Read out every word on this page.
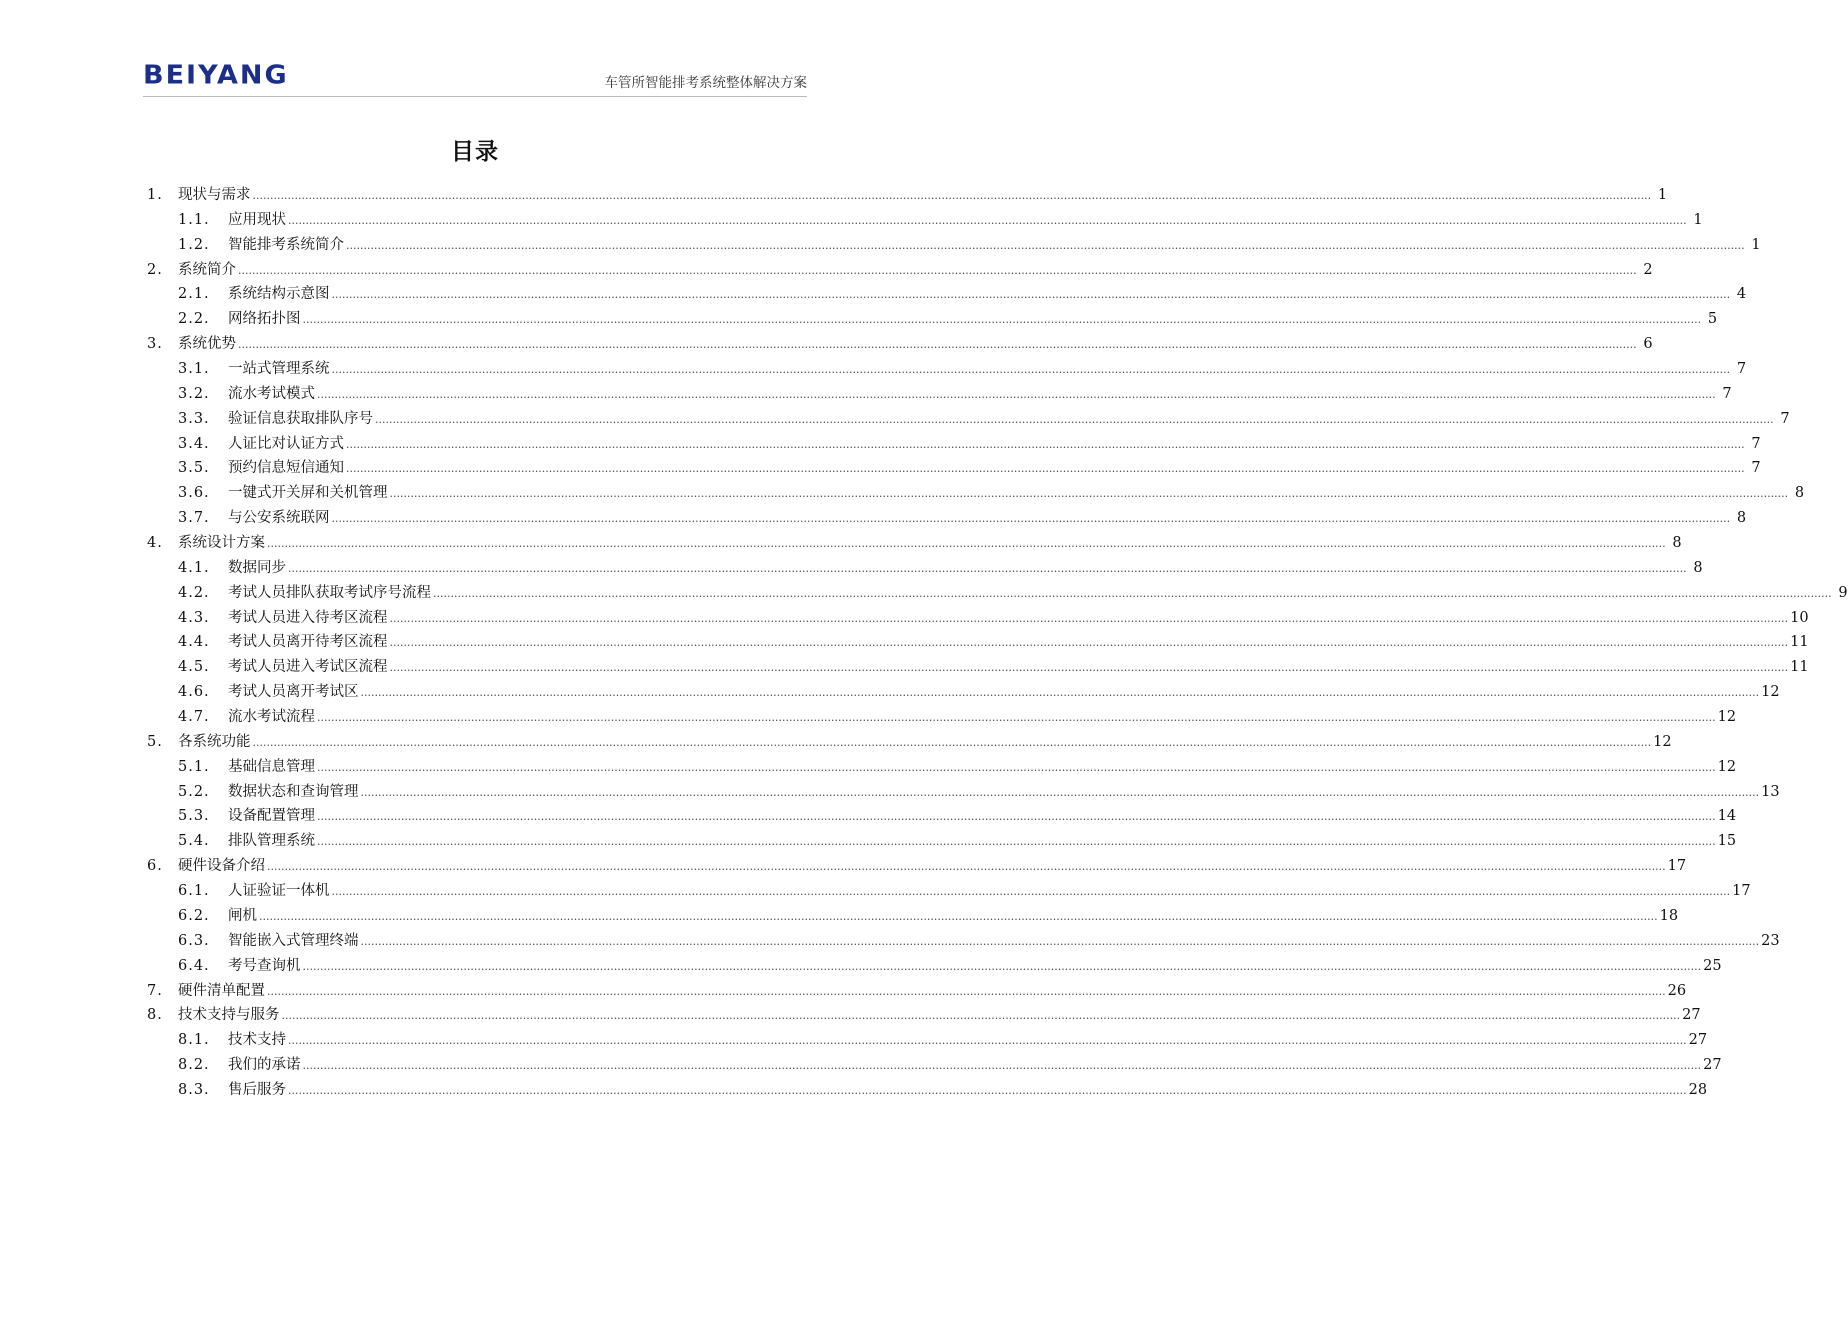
BEIYANG	车管所智能排考系统整体解决方案
目录
1.	现状与需求 ................................................................................................................................................................................................................................................................................................................................................................................................................ 1
1.1.	应用现状 ................................................................................................................................................................................................................................................................................................................................................................................................................ 1
1.2.	智能排考系统简介 ................................................................................................................................................................................................................................................................................................................................................................................................................ 1
2.	系统简介 ................................................................................................................................................................................................................................................................................................................................................................................................................ 2
2.1.	系统结构示意图 ................................................................................................................................................................................................................................................................................................................................................................................................................ 4
2.2.	网络拓扑图 ................................................................................................................................................................................................................................................................................................................................................................................................................ 5
3.	系统优势 ................................................................................................................................................................................................................................................................................................................................................................................................................ 6
3.1.	一站式管理系统 ................................................................................................................................................................................................................................................................................................................................................................................................................ 7
3.2.	流水考试模式 ................................................................................................................................................................................................................................................................................................................................................................................................................ 7
3.3.	验证信息获取排队序号 ................................................................................................................................................................................................................................................................................................................................................................................................................ 7
3.4.	人证比对认证方式 ................................................................................................................................................................................................................................................................................................................................................................................................................ 7
3.5.	预约信息短信通知 ................................................................................................................................................................................................................................................................................................................................................................................................................ 7
3.6.	一键式开关屏和关机管理 ................................................................................................................................................................................................................................................................................................................................................................................................................ 8
3.7.	与公安系统联网 ................................................................................................................................................................................................................................................................................................................................................................................................................ 8
4.	系统设计方案 ................................................................................................................................................................................................................................................................................................................................................................................................................ 8
4.1.	数据同步 ................................................................................................................................................................................................................................................................................................................................................................................................................ 8
4.2.	考试人员排队获取考试序号流程 ................................................................................................................................................................................................................................................................................................................................................................................................................ 9
4.3.	考试人员进入待考区流程 ................................................................................................................................................................................................................................................................................................................................................................................................................ 10
4.4.	考试人员离开待考区流程 ................................................................................................................................................................................................................................................................................................................................................................................................................ 11
4.5.	考试人员进入考试区流程 ................................................................................................................................................................................................................................................................................................................................................................................................................ 11
4.6.	考试人员离开考试区 ................................................................................................................................................................................................................................................................................................................................................................................................................ 12
4.7.	流水考试流程 ................................................................................................................................................................................................................................................................................................................................................................................................................ 12
5.	各系统功能 ................................................................................................................................................................................................................................................................................................................................................................................................................ 12
5.1.	基础信息管理 ................................................................................................................................................................................................................................................................................................................................................................................................................ 12
5.2.	数据状态和查询管理 ................................................................................................................................................................................................................................................................................................................................................................................................................ 13
5.3.	设备配置管理 ................................................................................................................................................................................................................................................................................................................................................................................................................ 14
5.4.	排队管理系统 ................................................................................................................................................................................................................................................................................................................................................................................................................ 15
6.	硬件设备介绍 ................................................................................................................................................................................................................................................................................................................................................................................................................ 17
6.1.	人证验证一体机 ................................................................................................................................................................................................................................................................................................................................................................................................................ 17
6.2.	闸机 ................................................................................................................................................................................................................................................................................................................................................................................................................ 18
6.3.	智能嵌入式管理终端 ................................................................................................................................................................................................................................................................................................................................................................................................................ 23
6.4.	考号查询机 ................................................................................................................................................................................................................................................................................................................................................................................................................ 25
7.	硬件清单配置 ................................................................................................................................................................................................................................................................................................................................................................................................................ 26
8.	技术支持与服务 ................................................................................................................................................................................................................................................................................................................................................................................................................ 27
8.1.	技术支持 ................................................................................................................................................................................................................................................................................................................................................................................................................ 27
8.2.	我们的承诺 ................................................................................................................................................................................................................................................................................................................................................................................................................ 27
8.3.	售后服务 ................................................................................................................................................................................................................................................................................................................................................................................................................ 28
